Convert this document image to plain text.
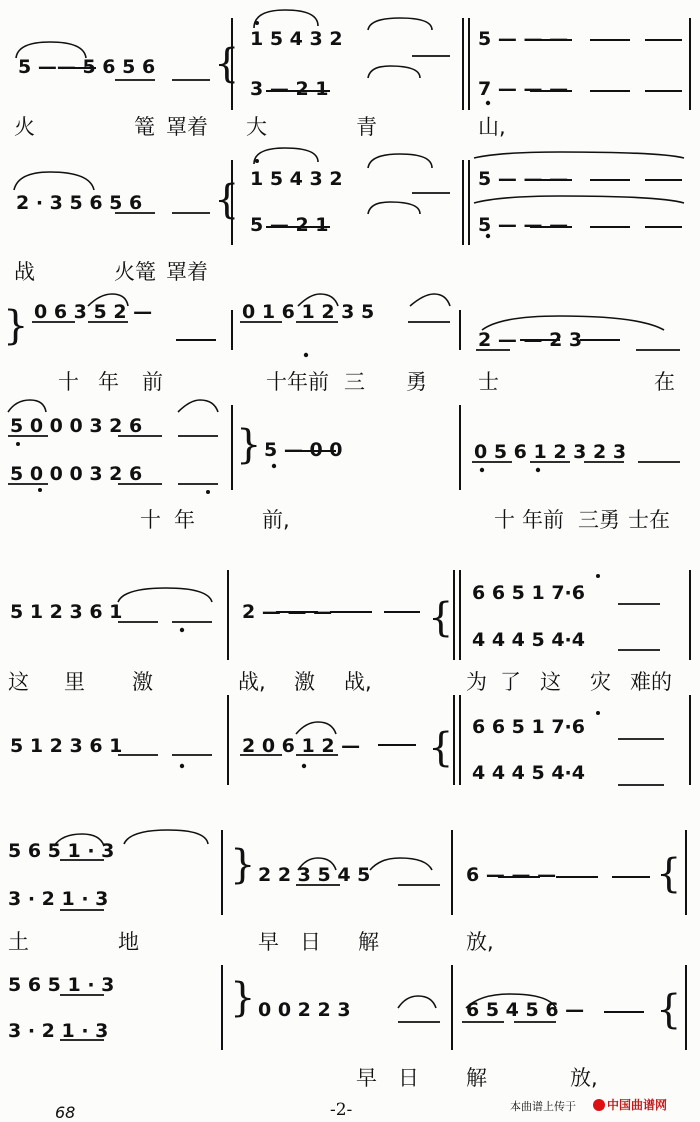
{
{
}
}
{
{
}
}
{
{
5 —— 5 6 5 6
1 5 4 3 2	5 — — —
3 — 2 1	7 — — —
火	篭 罩着 大	青	山,
2 · 3 5 6 5 6
1 5 4 3 2	5 — — —
5 — 2 1	5 — — —
战	火篭 罩着
0 6 3 5 2 —	0 1 6 1 2 3 5
2 — — 2 3
十 年 前	十年前 三 勇 士	在
5 0 0 0 3 2 6
5 0 0 0 3 2 6
5 — 0 0	0 5 6 1 2 3 2 3
十 年	前,	十 年前 三勇 士在
5 1 2 3 6 1	2 — — —
6 6 5 1 7·6
4 4 4 5 4·4
这 里 激	战, 激 战,	为 了 这 灾 难的
5 1 2 3 6 1	2 0 6 1 2 —
6 6 5 1 7·6
4 4 4 5 4·4
5 6 5 1 · 3
2 2 3 5 4 5	6 — — —
3 · 2 1 · 3
土	地	早 日 解	放,
5 6 5 1 · 3
0 0 2 2 3	6 5 4 5 6 —
3 · 2 1 · 3
早 日 解	放,
68	-2-	本曲谱上传于	中国曲谱网
